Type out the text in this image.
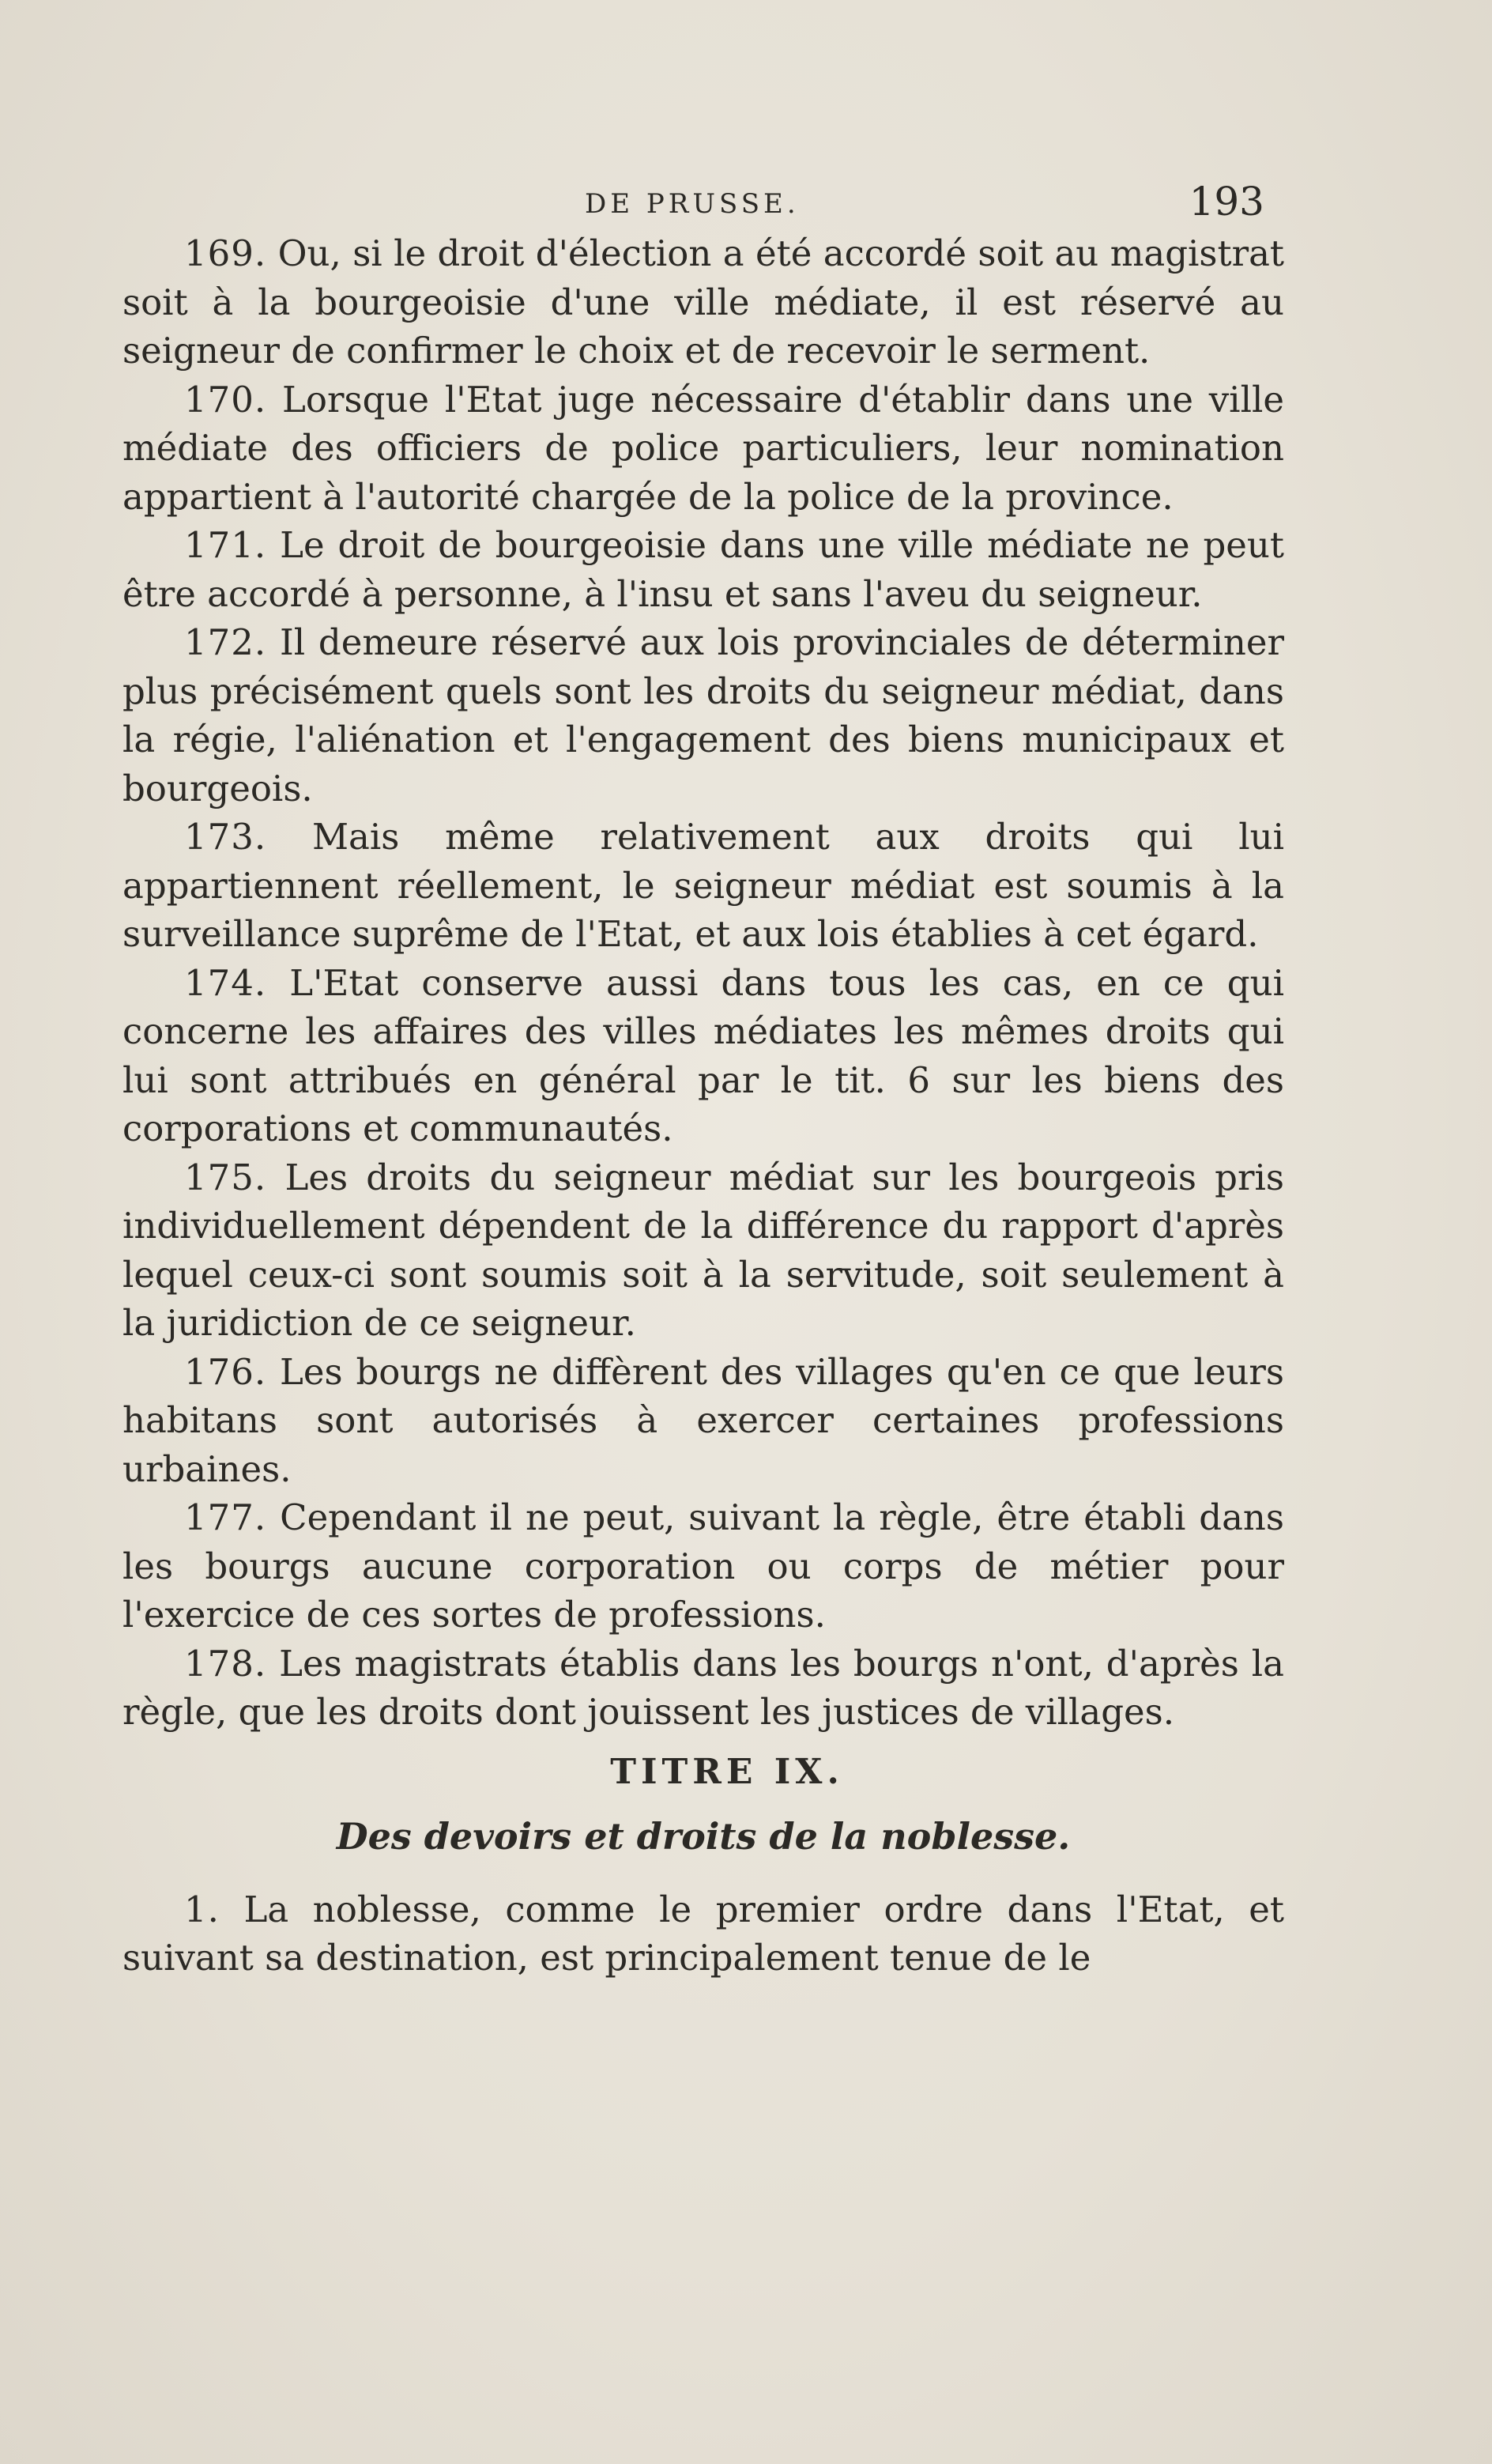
DE PRUSSE.	193

169. Ou, si le droit d'élection a été accordé soit au magistrat soit à la bourgeoisie d'une ville médiate, il est réservé au seigneur de confirmer le choix et de recevoir le serment.

170. Lorsque l'Etat juge nécessaire d'établir dans une ville médiate des officiers de police particuliers, leur nomination appartient à l'autorité chargée de la police de la province.

171. Le droit de bourgeoisie dans une ville médiate ne peut être accordé à personne, à l'insu et sans l'aveu du seigneur.

172. Il demeure réservé aux lois provinciales de déterminer plus précisément quels sont les droits du seigneur médiat, dans la régie, l'aliénation et l'engagement des biens municipaux et bourgeois.

173. Mais même relativement aux droits qui lui appartiennent réellement, le seigneur médiat est soumis à la surveillance suprême de l'Etat, et aux lois établies à cet égard.

174. L'Etat conserve aussi dans tous les cas, en ce qui concerne les affaires des villes médiates les mêmes droits qui lui sont attribués en général par le tit. 6 sur les biens des corporations et communautés.

175. Les droits du seigneur médiat sur les bourgeois pris individuellement dépendent de la différence du rapport d'après lequel ceux-ci sont soumis soit à la servitude, soit seulement à la juridiction de ce seigneur.

176. Les bourgs ne diffèrent des villages qu'en ce que leurs habitans sont autorisés à exercer certaines professions urbaines.

177. Cependant il ne peut, suivant la règle, être établi dans les bourgs aucune corporation ou corps de métier pour l'exercice de ces sortes de professions.

178. Les magistrats établis dans les bourgs n'ont, d'après la règle, que les droits dont jouissent les justices de villages.

TITRE IX.
Des devoirs et droits de la noblesse.

1. La noblesse, comme le premier ordre dans l'Etat, et suivant sa destination, est principalement tenue de le
